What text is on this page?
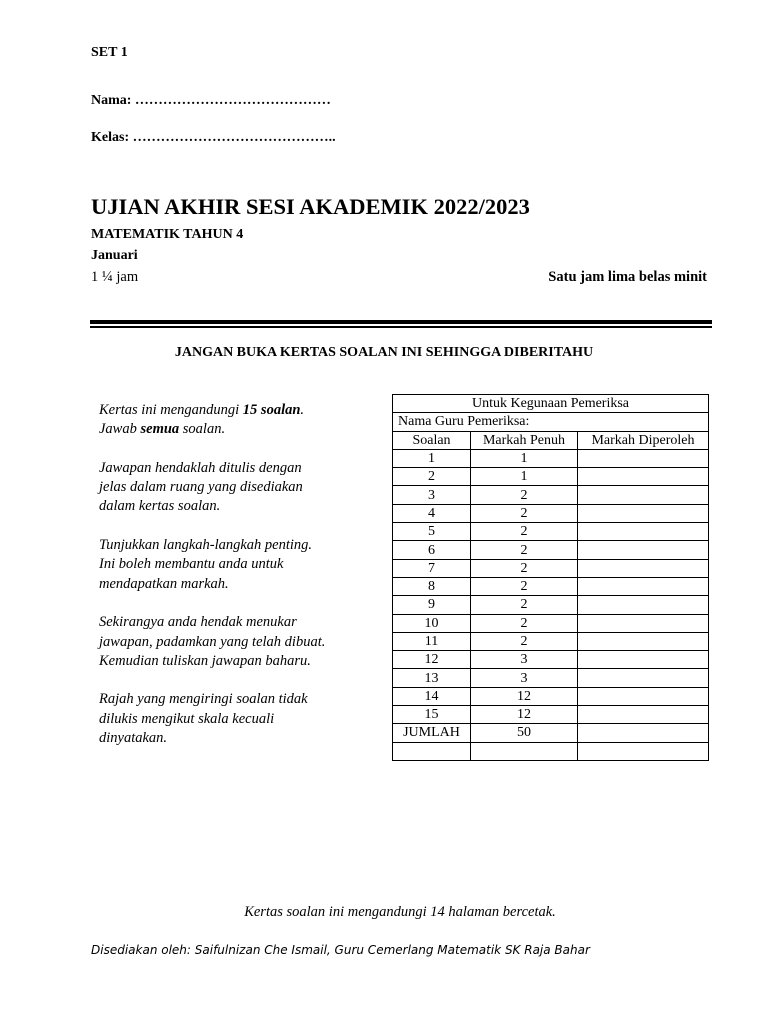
SET 1
Nama: ……………………………………
Kelas: ……………………………………..
UJIAN AKHIR SESI AKADEMIK 2022/2023
MATEMATIK TAHUN 4
Januari
1 ¼ jam	Satu jam lima belas minit
JANGAN BUKA KERTAS SOALAN INI SEHINGGA DIBERITAHU

Kertas ini mengandungi 15 soalan.
Jawab semua soalan.

Jawapan hendaklah ditulis dengan
jelas dalam ruang yang disediakan
dalam kertas soalan.

Tunjukkan langkah-langkah penting.
Ini boleh membantu anda untuk
mendapatkan markah.

Sekirangya anda hendak menukar
jawapan, padamkan yang telah dibuat.
Kemudian tuliskan jawapan baharu.

Rajah yang mengiringi soalan tidak
dilukis mengikut skala kecuali
dinyatakan.

Untuk Kegunaan Pemeriksa		
Nama Guru Pemeriksa:		
Soalan	Markah Penuh	Markah Diperoleh
1	1	
2	1	
3	2	
4	2	
5	2	
6	2	
7	2	
8	2	
9	2	
10	2	
11	2	
12	3	
13	3	
14	12	
15	12	
JUMLAH	50	

Kertas soalan ini mengandungi 14 halaman bercetak.
Disediakan oleh: Saifulnizan Che Ismail, Guru Cemerlang Matematik SK Raja Bahar
